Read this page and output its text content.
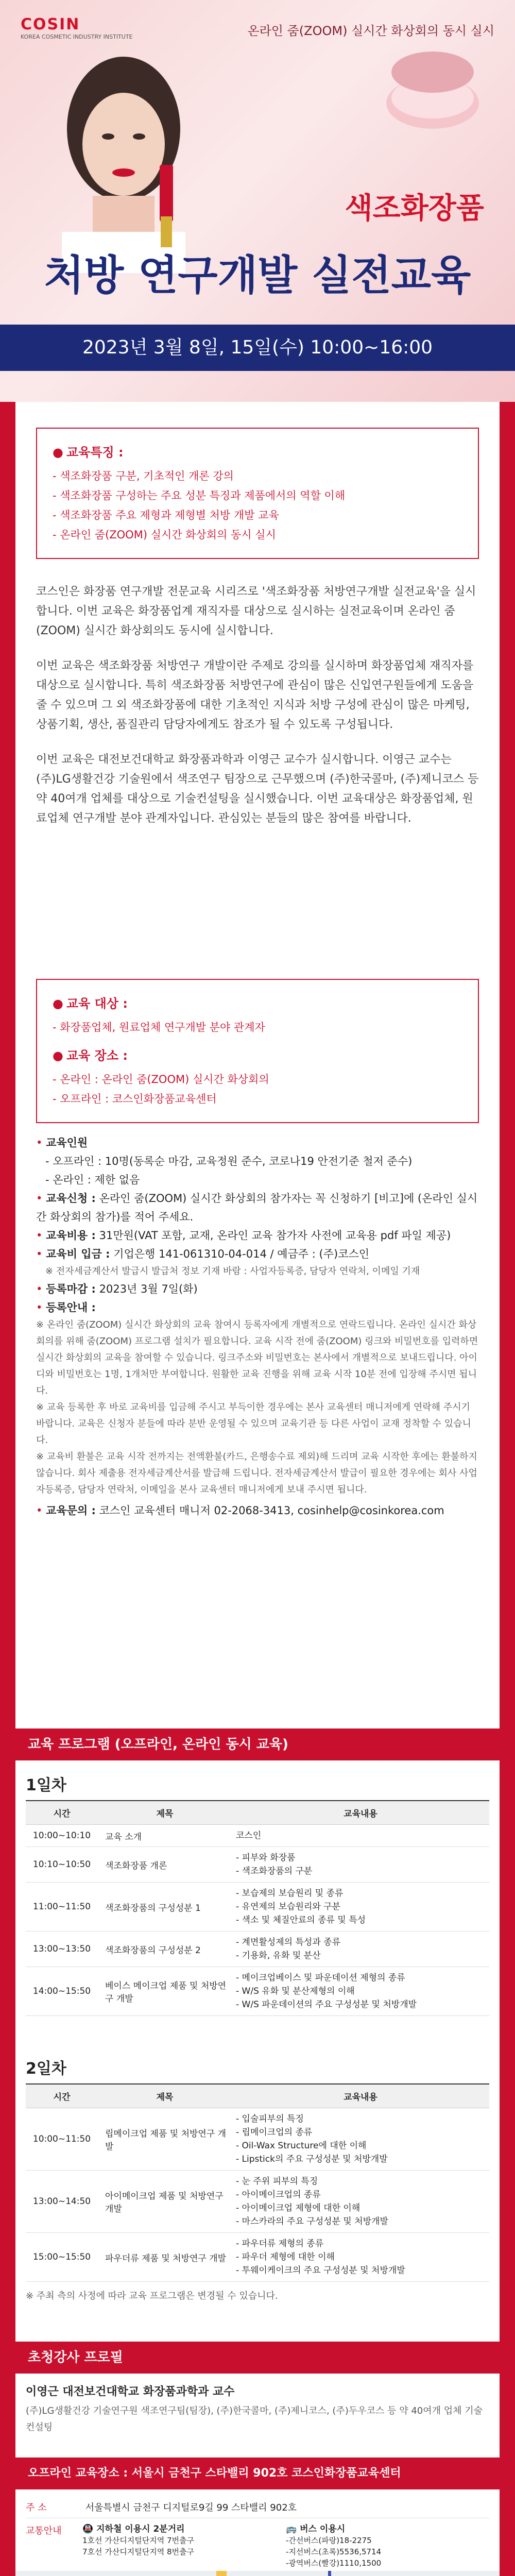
COSIN
KOREA COSMETIC INDUSTRY INSTITUTE	온라인 줌(ZOOM) 실시간 화상회의 동시 실시
색조화장품
처방 연구개발 실전교육
2023년 3월 8일, 15일(수) 10:00~16:00
● 교육특징 :
- 색조화장품 구분, 기초적인 개론 강의
- 색조화장품 구성하는 주요 성분 특징과 제품에서의 역할 이해
- 색조화장품 주요 제형과 제형별 처방 개발 교육
- 온라인 줌(ZOOM) 실시간 화상회의 동시 실시

코스인은 화장품 연구개발 전문교육 시리즈로 '색조화장품 처방연구개발 실전교육'을 실시합니다. 이번 교육은 화장품업계 재직자를 대상으로 실시하는 실전교육이며 온라인 줌(ZOOM) 실시간 화상회의도 동시에 실시합니다.

이번 교육은 색조화장품 처방연구 개발이란 주제로 강의를 실시하며 화장품업체 재직자를 대상으로 실시합니다. 특히 색조화장품 처방연구에 관심이 많은 신입연구원들에게 도움을 줄 수 있으며 그 외 색조화장품에 대한 기초적인 지식과 처방 구성에 관심이 많은 마케팅, 상품기획, 생산, 품질관리 담당자에게도 참조가 될 수 있도록 구성됩니다.

이번 교육은 대전보건대학교 화장품과학과 이영근 교수가 실시합니다. 이영근 교수는 (주)LG생활건강 기술원에서 색조연구 팀장으로 근무했으며 (주)한국콜마, (주)제니코스 등 약 40여개 업체를 대상으로 기술컨설팅을 실시했습니다. 이번 교육대상은 화장품업체, 원료업체 연구개발 분야 관계자입니다. 관심있는 분들의 많은 참여를 바랍니다.

● 교육 대상 :
- 화장품업체, 원료업체 연구개발 분야 관계자
● 교육 장소 :
- 온라인 : 온라인 줌(ZOOM) 실시간 화상회의
- 오프라인 : 코스인화장품교육센터
• 교육인원
- 오프라인 : 10명(동록순 마감, 교육정원 준수, 코로나19 안전기준 철저 준수)
- 온라인 : 제한 없음
• 교육신청 : 온라인 줌(ZOOM) 실시간 화상회의 참가자는 꼭 신청하기 [비고]에 (온라인 실시간 화상회의 참가)를 적어 주세요.
• 교육비용 : 31만원(VAT 포함, 교재, 온라인 교육 참가자 사전에 교육용 pdf 파일 제공)
• 교육비 입금 : 기업은행 141-061310-04-014 / 예금주 : (주)코스인
※ 전자세금계산서 발급시 발급처 정보 기재 바람 : 사업자등록증, 담당자 연락처, 이메일 기재
• 등록마감 : 2023년 3월 7일(화)
• 등록안내 :
※ 온라인 줌(ZOOM) 실시간 화상회의 교육 참여시 등록자에게 개별적으로 연락드립니다. 온라인 실시간 화상회의를 위해 줌(ZOOM) 프로그램 설치가 필요합니다. 교육 시작 전에 줌(ZOOM) 링크와 비밀번호를 입력하면 실시간 화상회의 교육을 참여할 수 있습니다. 링크주소와 비밀번호는 본사에서 개별적으로 보내드립니다. 아이디와 비밀번호는 1명, 1개처만 부여합니다. 원활한 교육 진행을 위해 교육 시작 10분 전에 입장해 주시면 됩니다.
※ 교육 등록한 후 바로 교육비를 입금해 주시고 부득이한 경우에는 본사 교육센터 매니저에게 연락해 주시기 바랍니다. 교육은 신청자 분들에 따라 분반 운영될 수 있으며 교육기관 등 다른 사업이 교재 정착할 수 있습니다.
※ 교육비 환불은 교육 시작 전까지는 전액환불(카드, 은행송수료 제외)해 드리며 교육 시작한 후에는 환불하지 않습니다. 회사 제출용 전자세금계산서를 발급해 드립니다. 전자세금계산서 발급이 필요한 경우에는 회사 사업자등록증, 담당자 연락처, 이메일을 본사 교육센터 매니저에게 보내 주시면 됩니다.
• 교육문의 : 코스인 교육센터 매니저 02-2068-3413, cosinhelp@cosinkorea.com
교육 프로그램 (오프라인, 온라인 동시 교육)
1일차
시간	제목	교육내용
10:00~10:10	교육 소개	코스인

10:10~10:50	색조화장품 개론	- 피부와 화장품
- 색조화장품의 구분

11:00~11:50	색조화장품의 구성성분 1	- 보습제의 보습원리 및 종류
- 유연제의 보습원리와 구분
- 색소 및 체질안료의 종류 및 특성

13:00~13:50	색조화장품의 구성성분 2	- 계면활성제의 특성과 종류
- 기용화, 유화 및 분산

14:00~15:50	베이스 메이크업 제품 및 처방연구 개발	- 메이크업베이스 및 파운데이션 제형의 종류
- W/S 유화 및 분산제형의 이해
- W/S 파운데이션의 주요 구성성분 및 처방개발
2일차
시간	제목	교육내용
10:00~11:50	립메이크업 제품 및 처방연구 개발	- 입술피부의 특징
- 립메이크업의 종류
- Oil-Wax Structure에 대한 이해
- Lipstick의 주요 구성성분 및 처방개발

13:00~14:50	아이메이크업 제품 및 처방연구 개발	- 눈 주위 피부의 특징
- 아이메이크업의 종류
- 아이메이크업 제형에 대한 이해
- 마스카라의 주요 구성성분 및 처방개발

15:00~15:50	파우더류 제품 및 처방연구 개발	- 파우더류 제형의 종류
- 파우더 제형에 대한 이해
- 투웨이케이크의 주요 구성성분 및 처방개발
※ 주최 측의 사정에 따라 교육 프로그램은 변경될 수 있습니다.
초청강사 프로필
이영근 대전보건대학교 화장품과학과 교수
(주)LG생활건강 기술연구원 색조연구팀(팀장), (주)한국콜마, (주)제니코스, (주)두우코스 등 약 40여개 업체 기술컨설팅
오프라인 교육장소 : 서울시 금천구 스타밸리 902호 코스인화장품교육센터
주 소	서울특별시 금천구 디지털로9길 99 스타밸리 902호
교통안내	🚇 지하철 이용시 2분거리
1호선 가산디지털단지역 7번출구
7호선 가산디지털단지역 8번출구
🚌 버스 이용시
-간선버스(파랑)18-2275
-지선버스(초록)5536,5714
-광역버스(빨강)1110,1500
